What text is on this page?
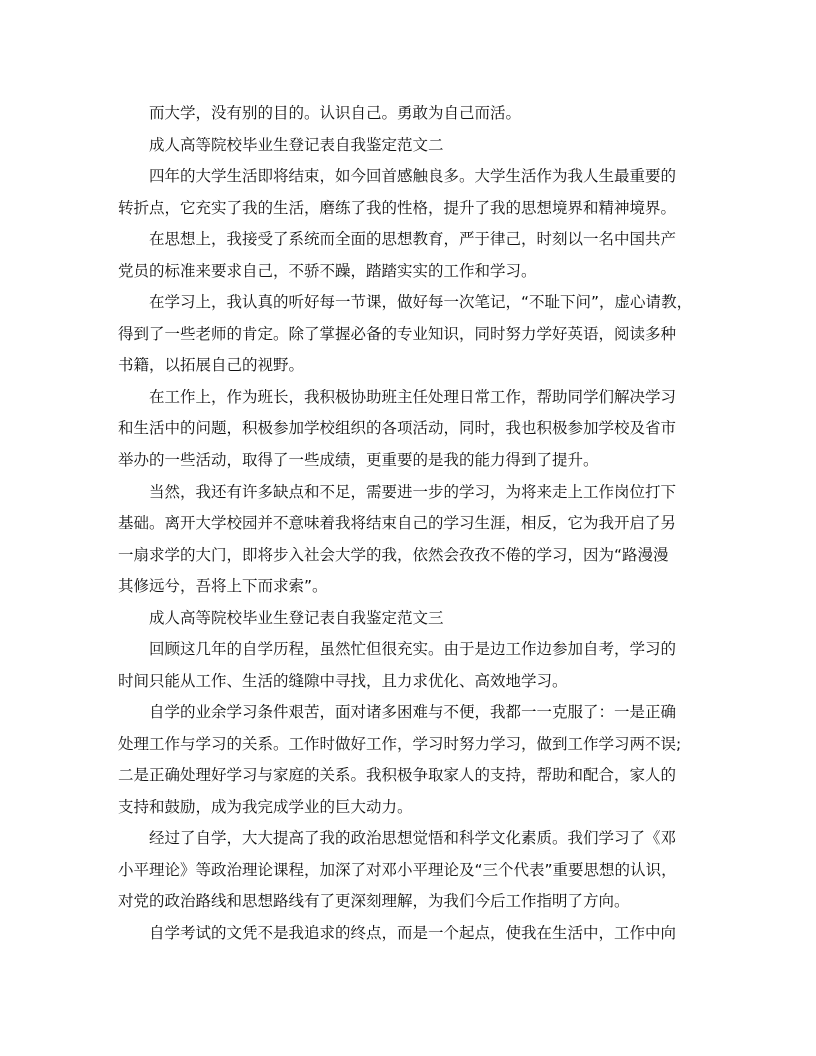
而大学，没有别的目的。认识自己。勇敢为自己而活。
成人高等院校毕业生登记表自我鉴定范文二
四年的大学生活即将结束，如今回首感触良多。大学生活作为我人生最重要的
转折点，它充实了我的生活，磨练了我的性格，提升了我的思想境界和精神境界。
在思想上，我接受了系统而全面的思想教育，严于律己，时刻以一名中国共产
党员的标准来要求自己，不骄不躁，踏踏实实的工作和学习。
在学习上，我认真的听好每一节课，做好每一次笔记，“不耻下问”，虚心请教，
得到了一些老师的肯定。除了掌握必备的专业知识，同时努力学好英语，阅读多种
书籍，以拓展自己的视野。
在工作上，作为班长，我积极协助班主任处理日常工作，帮助同学们解决学习
和生活中的问题，积极参加学校组织的各项活动，同时，我也积极参加学校及省市
举办的一些活动，取得了一些成绩，更重要的是我的能力得到了提升。
当然，我还有许多缺点和不足，需要进一步的学习，为将来走上工作岗位打下
基础。离开大学校园并不意味着我将结束自己的学习生涯，相反，它为我开启了另
一扇求学的大门，即将步入社会大学的我，依然会孜孜不倦的学习，因为“路漫漫
其修远兮，吾将上下而求索”。
成人高等院校毕业生登记表自我鉴定范文三
回顾这几年的自学历程，虽然忙但很充实。由于是边工作边参加自考，学习的
时间只能从工作、生活的缝隙中寻找，且力求优化、高效地学习。
自学的业余学习条件艰苦，面对诸多困难与不便，我都一一克服了：一是正确
处理工作与学习的关系。工作时做好工作，学习时努力学习，做到工作学习两不误;
二是正确处理好学习与家庭的关系。我积极争取家人的支持，帮助和配合，家人的
支持和鼓励，成为我完成学业的巨大动力。
经过了自学，大大提高了我的政治思想觉悟和科学文化素质。我们学习了《邓
小平理论》等政治理论课程，加深了对邓小平理论及“三个代表”重要思想的认识，
对党的政治路线和思想路线有了更深刻理解，为我们今后工作指明了方向。
自学考试的文凭不是我追求的终点，而是一个起点，使我在生活中，工作中向
